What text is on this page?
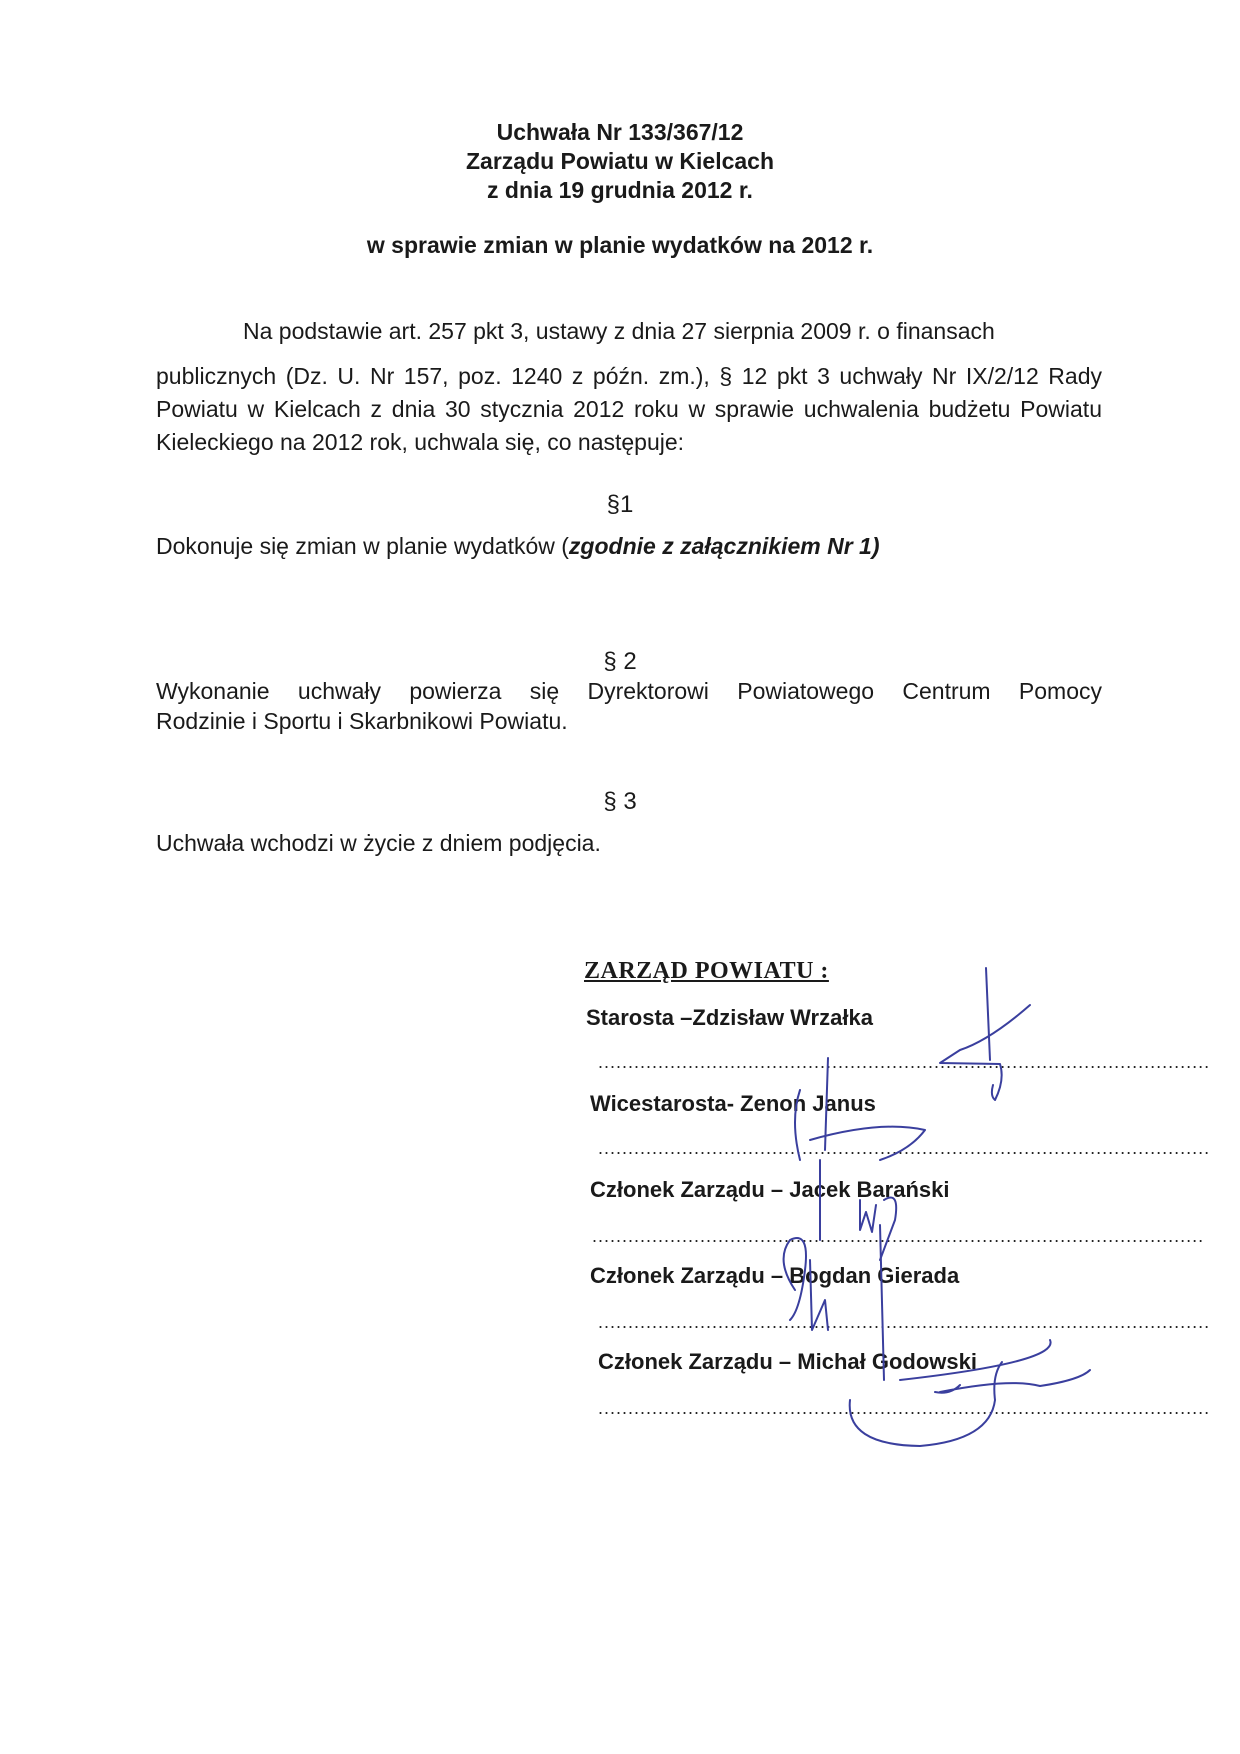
Uchwała Nr 133/367/12
Zarządu Powiatu w Kielcach
z dnia 19 grudnia 2012 r.
w sprawie zmian w planie wydatków na 2012 r.
Na podstawie art. 257 pkt 3, ustawy z dnia 27 sierpnia 2009 r. o finansach
publicznych (Dz. U. Nr 157, poz. 1240 z późn. zm.), § 12 pkt 3 uchwały Nr IX/2/12 Rady Powiatu w Kielcach z dnia 30 stycznia 2012 roku w sprawie uchwalenia budżetu Powiatu Kieleckiego na 2012 rok, uchwala się, co następuje:
§1
Dokonuje się zmian w planie wydatków (zgodnie z załącznikiem Nr 1)
§ 2
Wykonanie uchwały powierza się Dyrektorowi Powiatowego Centrum Pomocy
Rodzinie i Sportu i Skarbnikowi Powiatu.
§ 3
Uchwała wchodzi w życie z dniem podjęcia.
ZARZĄD POWIATU :
Starosta –Zdzisław Wrzałka
......................................................................................................
Wicestarosta- Zenon Janus
......................................................................................................
Członek Zarządu – Jacek Barański
......................................................................................................
Członek Zarządu – Bogdan Gierada
......................................................................................................
Członek Zarządu – Michał Godowski
......................................................................................................
